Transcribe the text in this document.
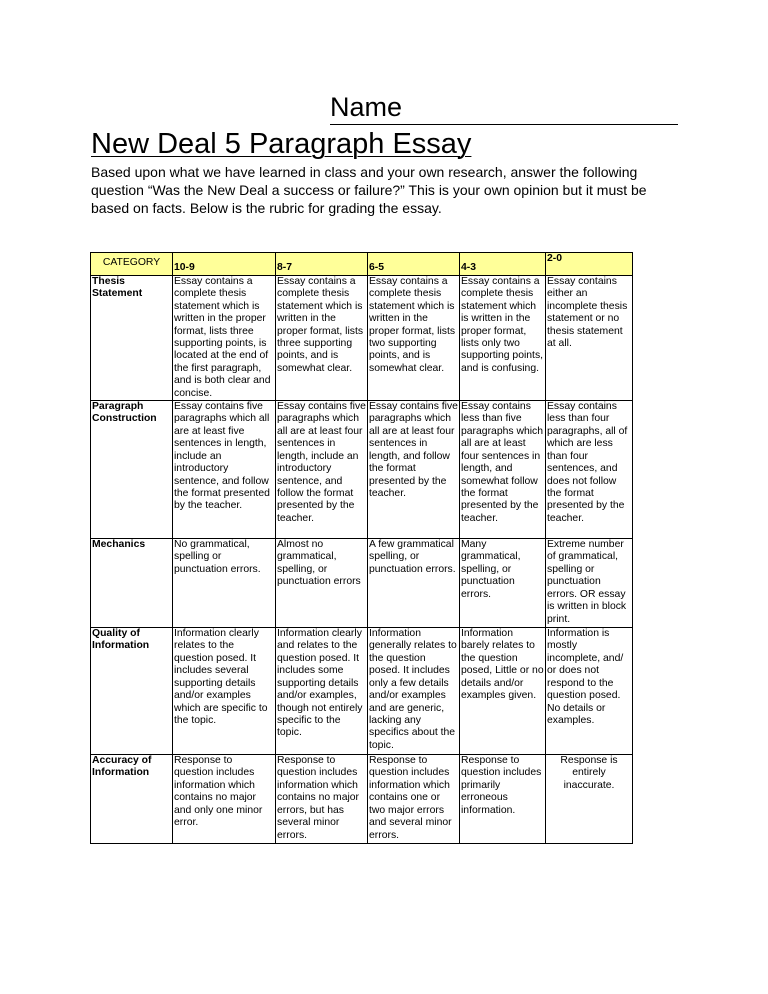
Name
New Deal 5 Paragraph Essay
Based upon what we have learned in class and your own research, answer the following question “Was the New Deal a success or failure?” This is your own opinion but it must be based on facts. Below is the rubric for grading the essay.
CATEGORY	10-9	8-7	6-5	4-3	2-0
Thesis Statement	Essay contains a complete thesis statement which is written in the proper format, lists three supporting points, is located at the end of the first paragraph, and is both clear and concise.	Essay contains a complete thesis statement which is written in the proper format, lists three supporting points, and is somewhat clear.	Essay contains a complete thesis statement which is written in the proper format, lists two supporting points, and is somewhat clear.	Essay contains a complete thesis statement which is written in the proper format, lists only two supporting points, and is confusing.	Essay contains either an incomplete thesis statement or no thesis statement at all.
Paragraph Construction	Essay contains five paragraphs which all are at least five sentences in length, include an introductory sentence, and follow the format presented by the teacher.	Essay contains five paragraphs which all are at least four sentences in length, include an introductory sentence, and follow the format presented by the teacher.	Essay contains five paragraphs which all are at least four sentences in length, and follow the format presented by the teacher.	Essay contains less than five paragraphs which all are at least four sentences in length, and somewhat follow the format presented by the teacher.	Essay contains less than four paragraphs, all of which are less than four sentences, and does not follow the format presented by the teacher.
Mechanics	No grammatical, spelling or punctuation errors.	Almost no grammatical, spelling, or punctuation errors	A few grammatical spelling, or punctuation errors.	Many grammatical, spelling, or punctuation errors.	Extreme number of grammatical, spelling or punctuation errors. OR essay is written in block print.
Quality of Information	Information clearly relates to the question posed. It includes several supporting details and/or examples which are specific to the topic.	Information clearly and relates to the question posed. It includes some supporting details and/or examples, though not entirely specific to the topic.	Information generally relates to the question posed. It includes only a few details and/or examples and are generic, lacking any specifics about the topic.	Information barely relates to the question posed, Little or no details and/or examples given.	Information is mostly incomplete, and/ or does not respond to the question posed. No details or examples.
Accuracy of Information	Response to question includes information which contains no major and only one minor error.	Response to question includes information which contains no major errors, but has several minor errors.	Response to question includes information which contains one or two major errors and several minor errors.	Response to question includes primarily erroneous information.	Response is entirely inaccurate.
